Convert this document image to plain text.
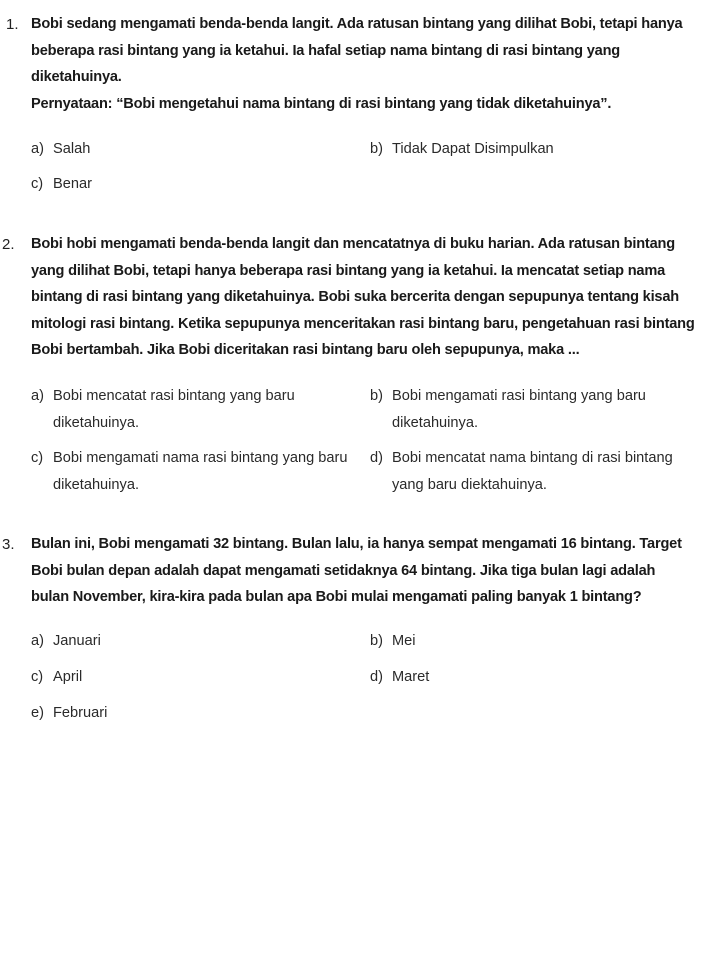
1. Bobi sedang mengamati benda-benda langit. Ada ratusan bintang yang dilihat Bobi, tetapi hanya beberapa rasi bintang yang ia ketahui. Ia hafal setiap nama bintang di rasi bintang yang diketahuinya.

Pernyataan: “Bobi mengetahui nama bintang di rasi bintang yang tidak diketahuinya”.

a) Salah	b) Tidak Dapat Disimpulkan
c) Benar
2. Bobi hobi mengamati benda-benda langit dan mencatatnya di buku harian. Ada ratusan bintang yang dilihat Bobi, tetapi hanya beberapa rasi bintang yang ia ketahui. Ia mencatat setiap nama bintang di rasi bintang yang diketahuinya. Bobi suka bercerita dengan sepupunya tentang kisah mitologi rasi bintang. Ketika sepupunya menceritakan rasi bintang baru, pengetahuan rasi bintang Bobi bertambah. Jika Bobi diceritakan rasi bintang baru oleh sepupunya, maka ...
a) Bobi mencatat rasi bintang yang baru
diketahuinya.
b) Bobi mengamati rasi bintang yang baru
diketahuinya.
c) Bobi mengamati nama rasi bintang yang baru
diketahuinya.
d) Bobi mencatat nama bintang di rasi bintang
yang baru diektahuinya.
3. Bulan ini, Bobi mengamati 32 bintang. Bulan lalu, ia hanya sempat mengamati 16 bintang. Target Bobi bulan depan adalah dapat mengamati setidaknya 64 bintang. Jika tiga bulan lagi adalah bulan November, kira-kira pada bulan apa Bobi mulai mengamati paling banyak 1 bintang?
a) Januari	b) Mei
c) April	d) Maret
e) Februari
